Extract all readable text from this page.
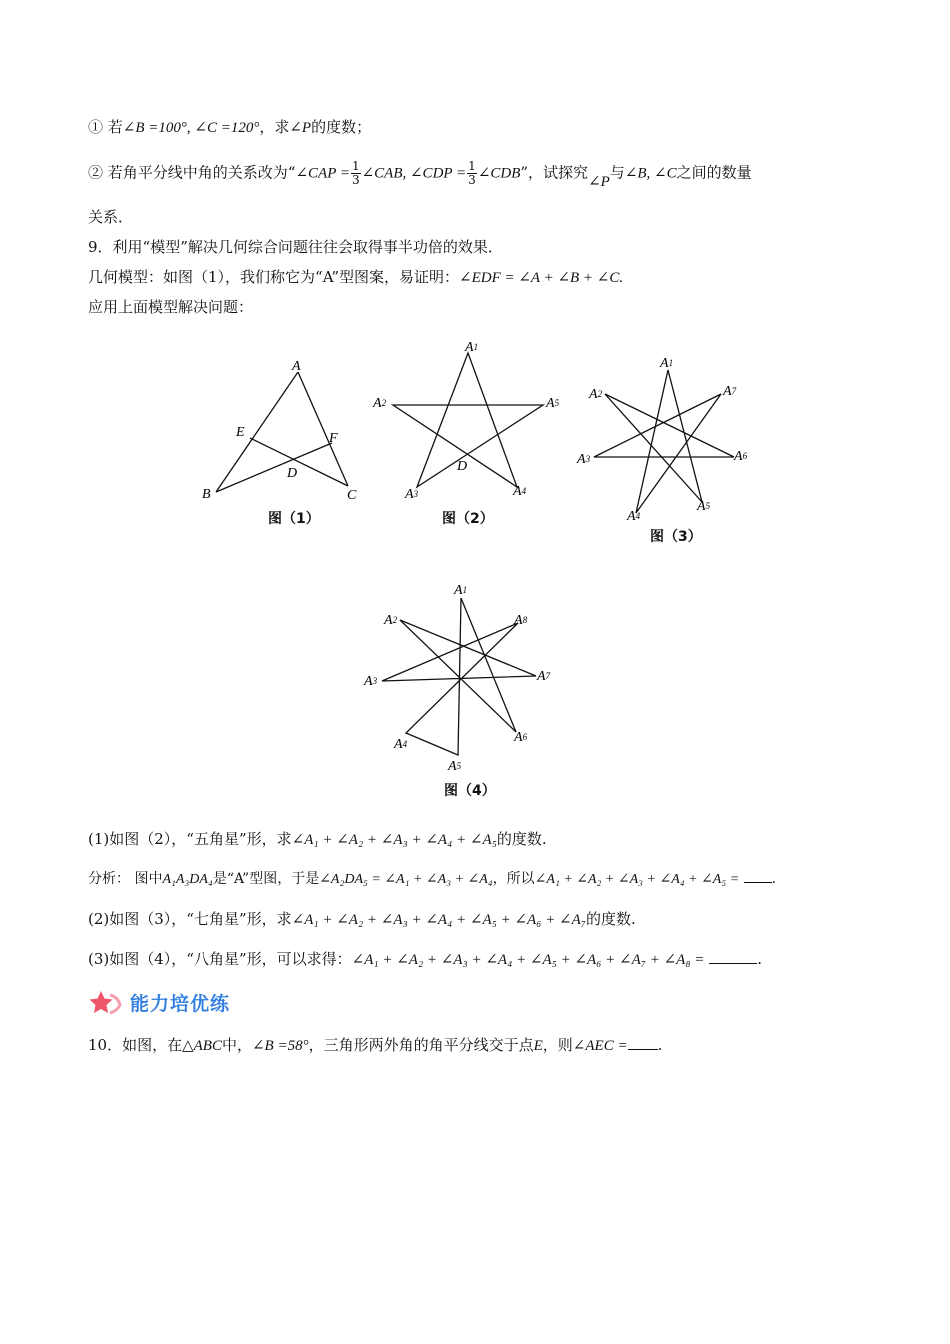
① 若∠B =100°, ∠C =120°，求∠P的度数；
② 若角平分线中角的关系改为“∠CAP = $\frac{1}{3}$ ∠CAB, ∠CDP = $\frac{1}{3}$ ∠CDB”，试探究∠P与∠B, ∠C之间的数量
关系．
9．利用“模型”解决几何综合问题往往会取得事半功倍的效果．
几何模型：如图（1），我们称它为“A”型图案，易证明：∠EDF = ∠A + ∠B + ∠C.
应用上面模型解决问题：
A
B	C
D
E	F
图（1）
A1
A2
A3	A4
A5
D
图（2）
A1
A2
A3
A4
A5
A6
A7
图（3）
A1
A2
A3
A4
A5
A6
A7
A8
图（4）
(1)如图（2），“五角星”形，求∠A₁ + ∠A₂ + ∠A₃ + ∠A₄ + ∠A₅的度数.
分析： 图中A₁A₃DA₄是“A”型图，于是∠A₂DA₅ = ∠A₁ + ∠A₃ + ∠A₄，所以∠A₁ + ∠A₂ + ∠A₃ + ∠A₄ + ∠A₅ = .
(2)如图（3），“七角星”形，求∠A₁ + ∠A₂ + ∠A₃ + ∠A₄ + ∠A₅ + ∠A₆ + ∠A₇的度数.
(3)如图（4），“八角星”形，可以求得：∠A₁ + ∠A₂ + ∠A₃ + ∠A₄ + ∠A₅ + ∠A₆ + ∠A₇ + ∠A₈ =	.
能力培优练
10．如图，在△ABC中，∠B =58°，三角形两外角的角平分线交于点E，则∠AEC = .
